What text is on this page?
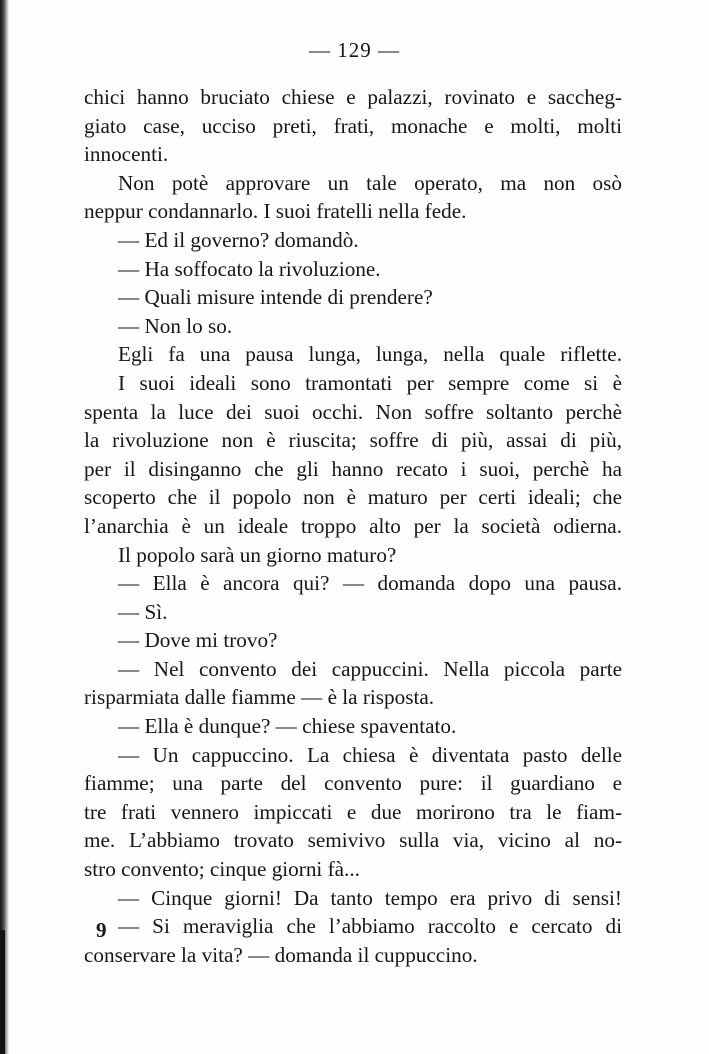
— 129 —
chici hanno bruciato chiese e palazzi, rovinato e saccheg-
giato case, ucciso preti, frati, monache e molti, molti
innocenti.
Non potè approvare un tale operato, ma non osò
neppur condannarlo. I suoi fratelli nella fede.
— Ed il governo? domandò.
— Ha soffocato la rivoluzione.
— Quali misure intende di prendere?
— Non lo so.
Egli fa una pausa lunga, lunga, nella quale riflette.
I suoi ideali sono tramontati per sempre come si è
spenta la luce dei suoi occhi. Non soffre soltanto perchè
la rivoluzione non è riuscita; soffre di più, assai di più,
per il disinganno che gli hanno recato i suoi, perchè ha
scoperto che il popolo non è maturo per certi ideali; che
l’anarchia è un ideale troppo alto per la società odierna.
Il popolo sarà un giorno maturo?
— Ella è ancora qui? — domanda dopo una pausa.
— Sì.
— Dove mi trovo?
— Nel convento dei cappuccini. Nella piccola parte
risparmiata dalle fiamme — è la risposta.
— Ella è dunque? — chiese spaventato.
— Un cappuccino. La chiesa è diventata pasto delle
fiamme; una parte del convento pure: il guardiano e
tre frati vennero impiccati e due morirono tra le fiam-
me. L’abbiamo trovato semivivo sulla via, vicino al no-
stro convento; cinque giorni fà...
— Cinque giorni! Da tanto tempo era privo di sensi!
— Si meraviglia che l’abbiamo raccolto e cercato di
conservare la vita? — domanda il cuppuccino.
9
